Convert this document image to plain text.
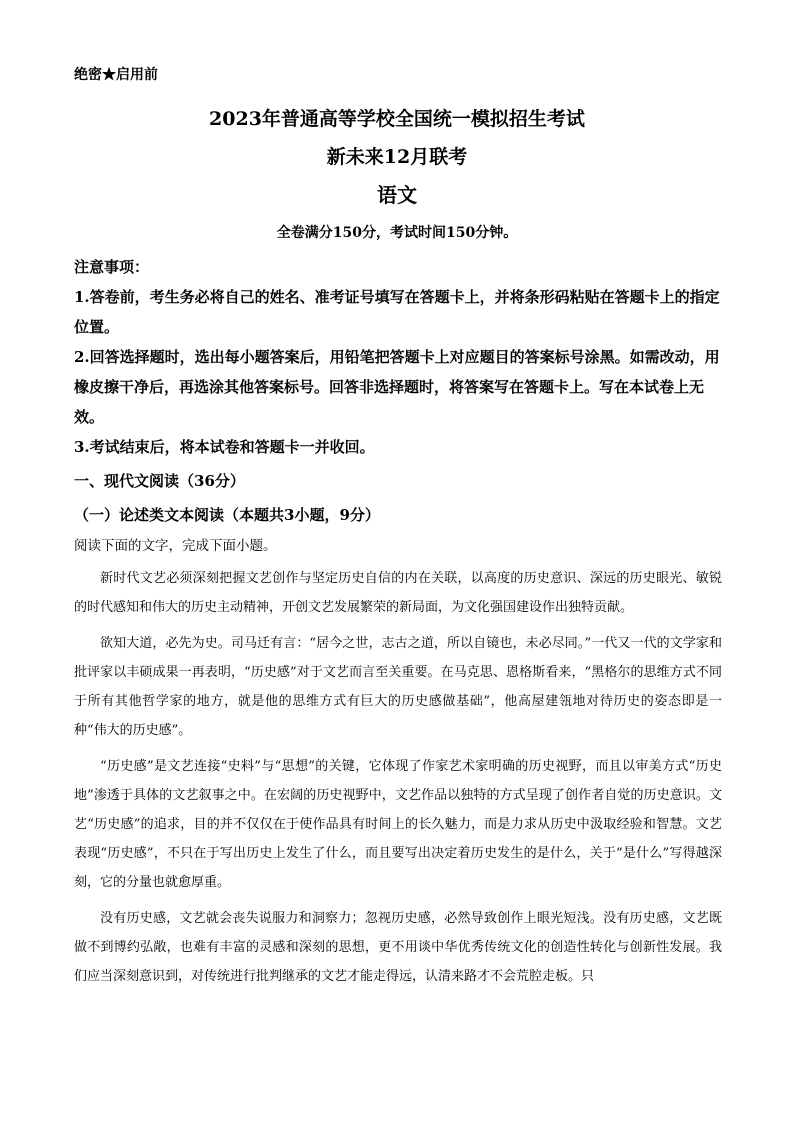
绝密★启用前
2023年普通高等学校全国统一模拟招生考试
新未来12月联考
语文
全卷满分150分，考试时间150分钟。

注意事项：

1.答卷前，考生务必将自己的姓名、准考证号填写在答题卡上，并将条形码粘贴在答题卡上的指定位置。

2.回答选择题时，选出每小题答案后，用铅笔把答题卡上对应题目的答案标号涂黑。如需改动，用橡皮擦干净后，再选涂其他答案标号。回答非选择题时，将答案写在答题卡上。写在本试卷上无效。

3.考试结束后，将本试卷和答题卡一并收回。

一、现代文阅读（36分）

（一）论述类文本阅读（本题共3小题，9分）

阅读下面的文字，完成下面小题。

新时代文艺必须深刻把握文艺创作与坚定历史自信的内在关联，以高度的历史意识、深远的历史眼光、敏锐的时代感知和伟大的历史主动精神，开创文艺发展繁荣的新局面，为文化强国建设作出独特贡献。

欲知大道，必先为史。司马迁有言：“居今之世，志古之道，所以自镜也，未必尽同。”一代又一代的文学家和批评家以丰硕成果一再表明，“历史感”对于文艺而言至关重要。在马克思、恩格斯看来，“黑格尔的思维方式不同于所有其他哲学家的地方，就是他的思维方式有巨大的历史感做基础”，他高屋建瓴地对待历史的姿态即是一种“伟大的历史感”。

“历史感”是文艺连接“史料”与“思想”的关键，它体现了作家艺术家明确的历史视野，而且以审美方式“历史地”渗透于具体的文艺叙事之中。在宏阔的历史视野中，文艺作品以独特的方式呈现了创作者自觉的历史意识。文艺“历史感”的追求，目的并不仅仅在于使作品具有时间上的长久魅力，而是力求从历史中汲取经验和智慧。文艺表现“历史感”，不只在于写出历史上发生了什么，而且要写出决定着历史发生的是什么，关于“是什么”写得越深刻，它的分量也就愈厚重。

没有历史感，文艺就会丧失说服力和洞察力；忽视历史感，必然导致创作上眼光短浅。没有历史感，文艺既做不到博约弘敞，也难有丰富的灵感和深刻的思想，更不用谈中华优秀传统文化的创造性转化与创新性发展。我们应当深刻意识到，对传统进行批判继承的文艺才能走得远，认清来路才不会荒腔走板。只
